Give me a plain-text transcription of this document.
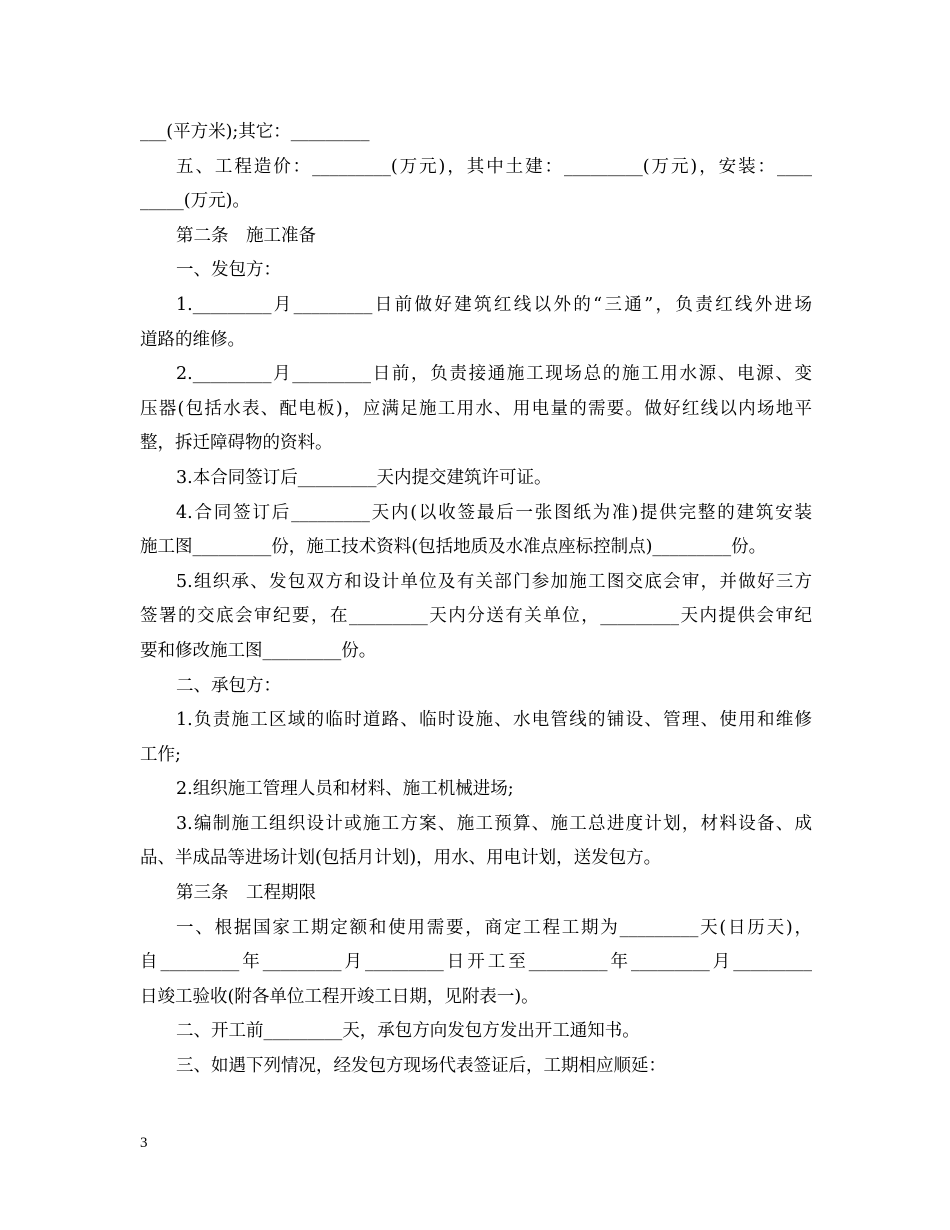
___(平方米);其它：_________
五、工程造价：_________(万元)，其中土建：_________(万元)，安装：____
_____(万元)。
第二条　施工准备
一、发包方：
1._________月_________日前做好建筑红线以外的“三通”，负责红线外进场
道路的维修。
2._________月_________日前，负责接通施工现场总的施工用水源、电源、变
压器(包括水表、配电板)，应满足施工用水、用电量的需要。做好红线以内场地平
整，拆迁障碍物的资料。
3.本合同签订后_________天内提交建筑许可证。
4.合同签订后_________天内(以收签最后一张图纸为准)提供完整的建筑安装
施工图_________份，施工技术资料(包括地质及水准点座标控制点)_________份。
5.组织承、发包双方和设计单位及有关部门参加施工图交底会审，并做好三方
签署的交底会审纪要，在_________天内分送有关单位，_________天内提供会审纪
要和修改施工图_________份。
二、承包方：
1.负责施工区域的临时道路、临时设施、水电管线的铺设、管理、使用和维修
工作;
2.组织施工管理人员和材料、施工机械进场;
3.编制施工组织设计或施工方案、施工预算、施工总进度计划，材料设备、成
品、半成品等进场计划(包括月计划)，用水、用电计划，送发包方。
第三条　工程期限
一、根据国家工期定额和使用需要，商定工程工期为_________天(日历天)，
自_________年_________月_________日开工至_________年_________月_________
日竣工验收(附各单位工程开竣工日期，见附表一)。
二、开工前_________天，承包方向发包方发出开工通知书。
三、如遇下列情况，经发包方现场代表签证后，工期相应顺延：
3
